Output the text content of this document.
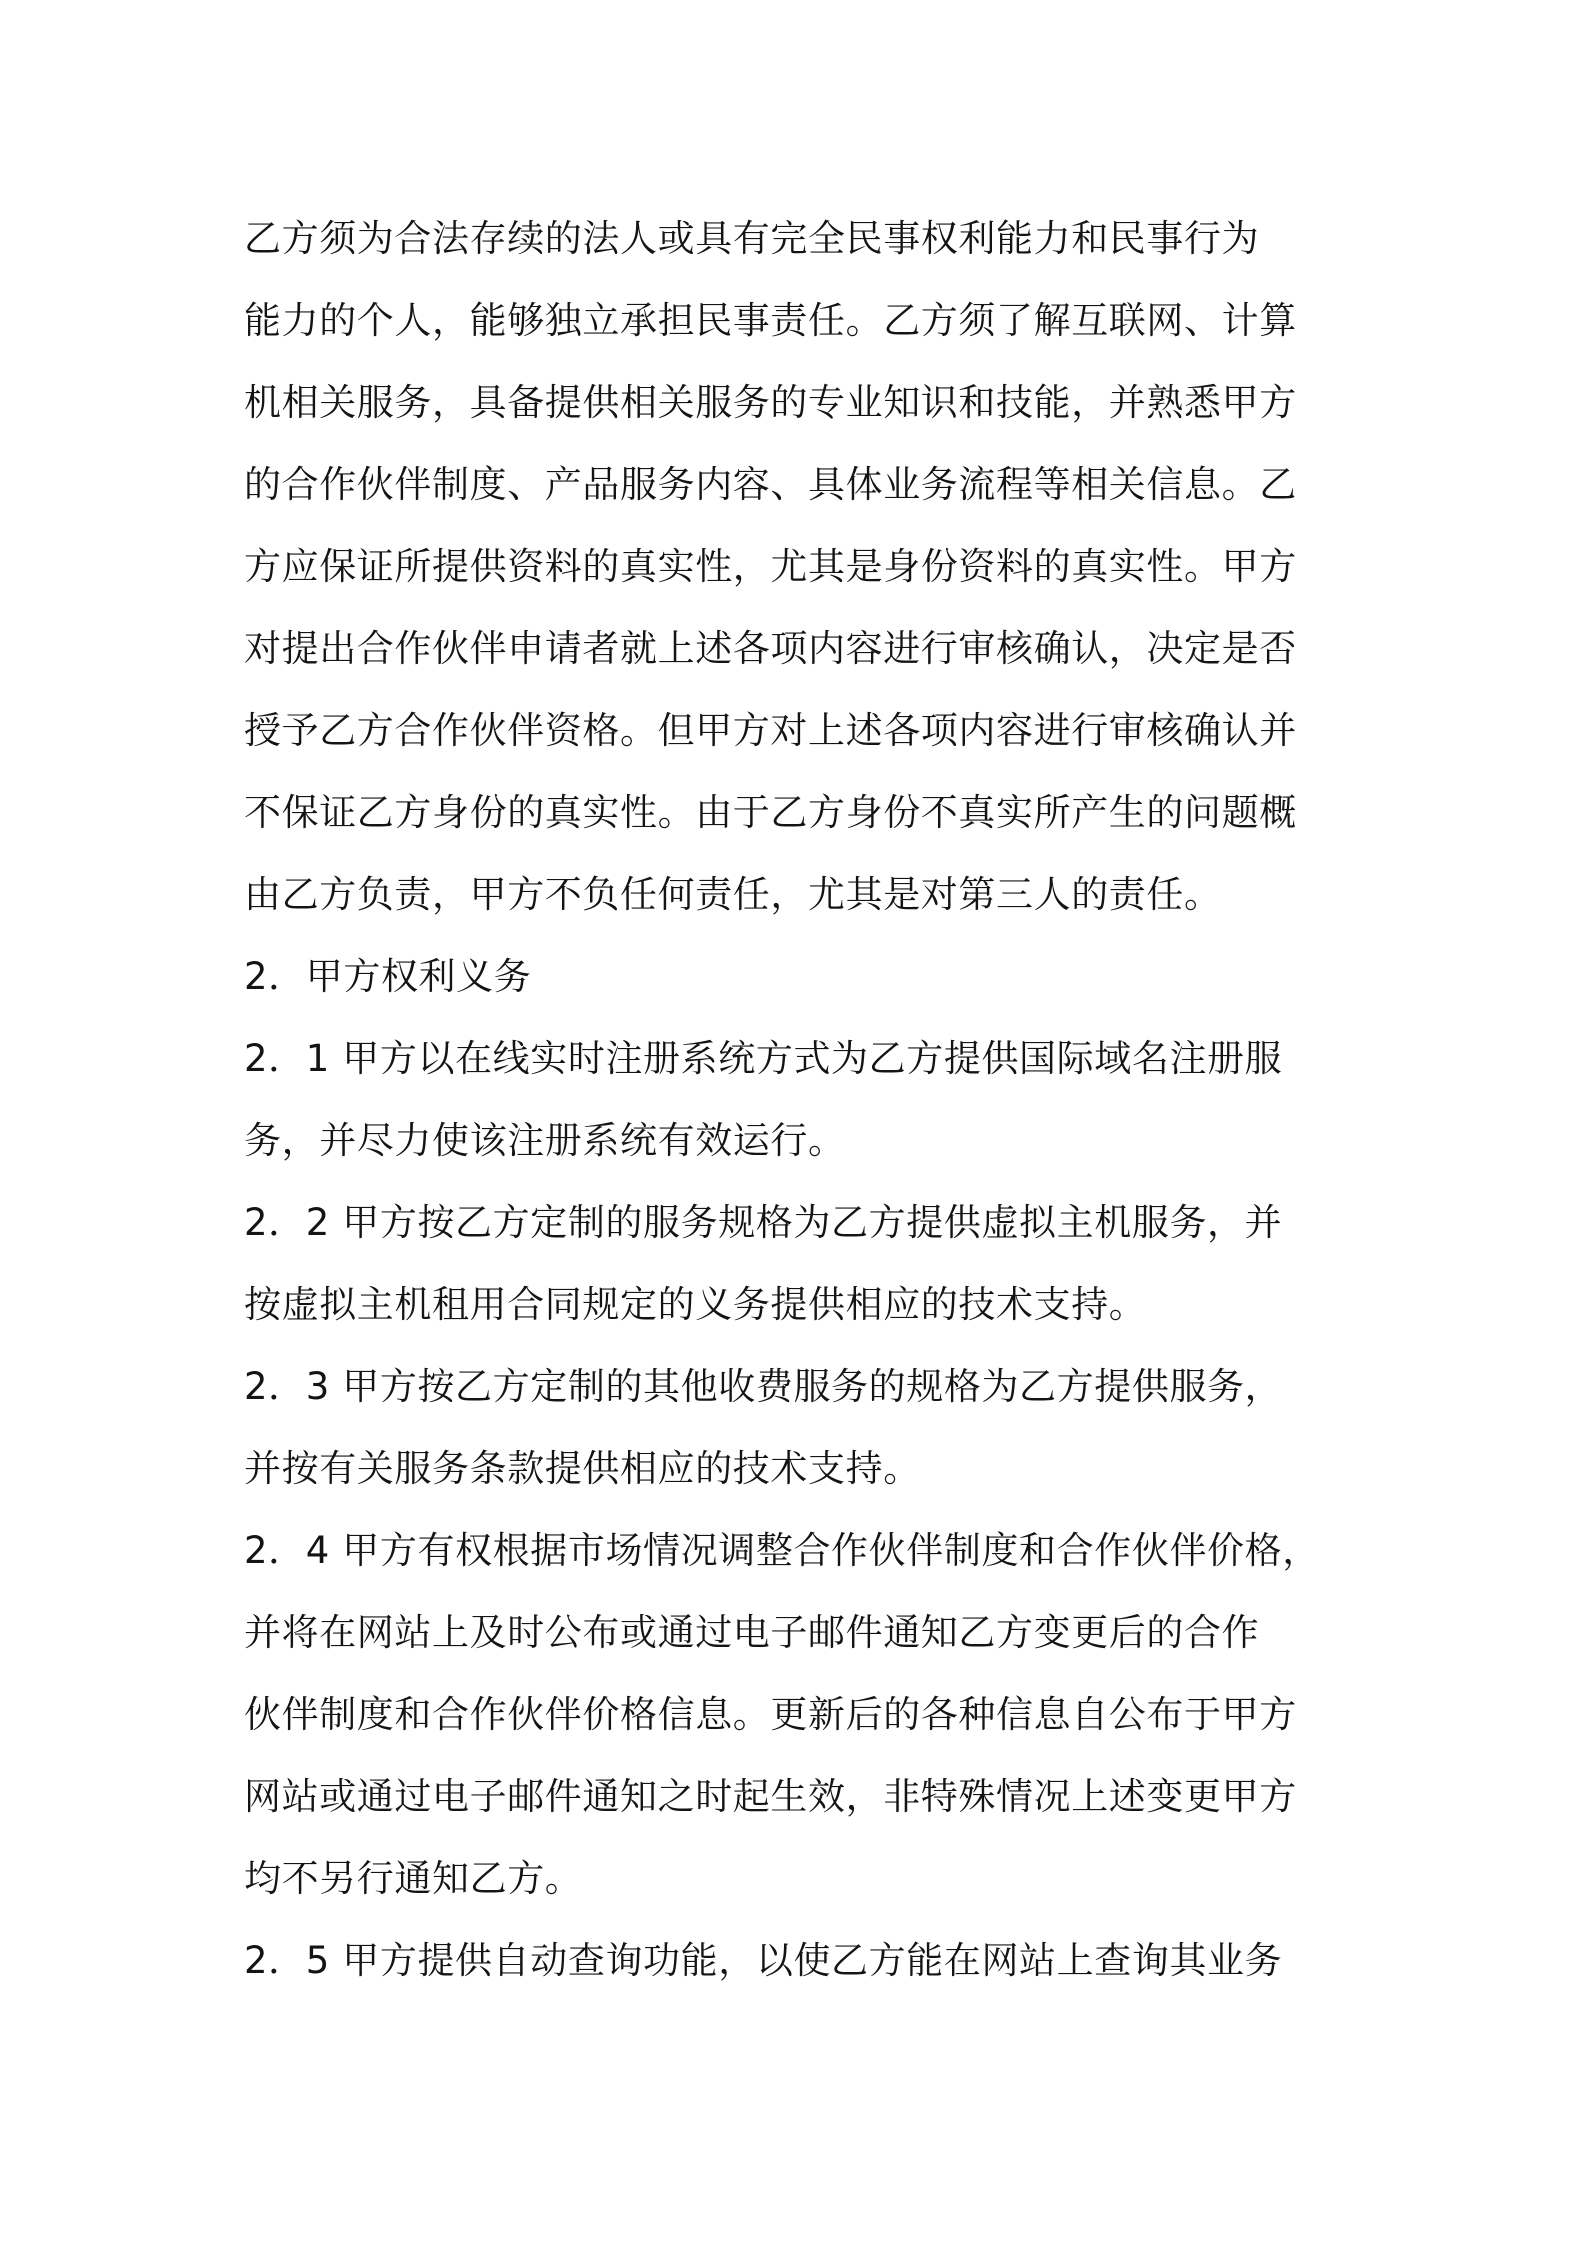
乙方须为合法存续的法人或具有完全民事权利能力和民事行为
能力的个人，能够独立承担民事责任。乙方须了解互联网、计算
机相关服务，具备提供相关服务的专业知识和技能，并熟悉甲方
的合作伙伴制度、产品服务内容、具体业务流程等相关信息。乙
方应保证所提供资料的真实性，尤其是身份资料的真实性。甲方
对提出合作伙伴申请者就上述各项内容进行审核确认，决定是否
授予乙方合作伙伴资格。但甲方对上述各项内容进行审核确认并
不保证乙方身份的真实性。由于乙方身份不真实所产生的问题概
由乙方负责，甲方不负任何责任，尤其是对第三人的责任。
2．甲方权利义务
2．1 甲方以在线实时注册系统方式为乙方提供国际域名注册服
务，并尽力使该注册系统有效运行。
2．2 甲方按乙方定制的服务规格为乙方提供虚拟主机服务，并
按虚拟主机租用合同规定的义务提供相应的技术支持。
2．3 甲方按乙方定制的其他收费服务的规格为乙方提供服务，
并按有关服务条款提供相应的技术支持。
2．4 甲方有权根据市场情况调整合作伙伴制度和合作伙伴价格，
并将在网站上及时公布或通过电子邮件通知乙方变更后的合作
伙伴制度和合作伙伴价格信息。更新后的各种信息自公布于甲方
网站或通过电子邮件通知之时起生效，非特殊情况上述变更甲方
均不另行通知乙方。
2．5 甲方提供自动查询功能，以使乙方能在网站上查询其业务
